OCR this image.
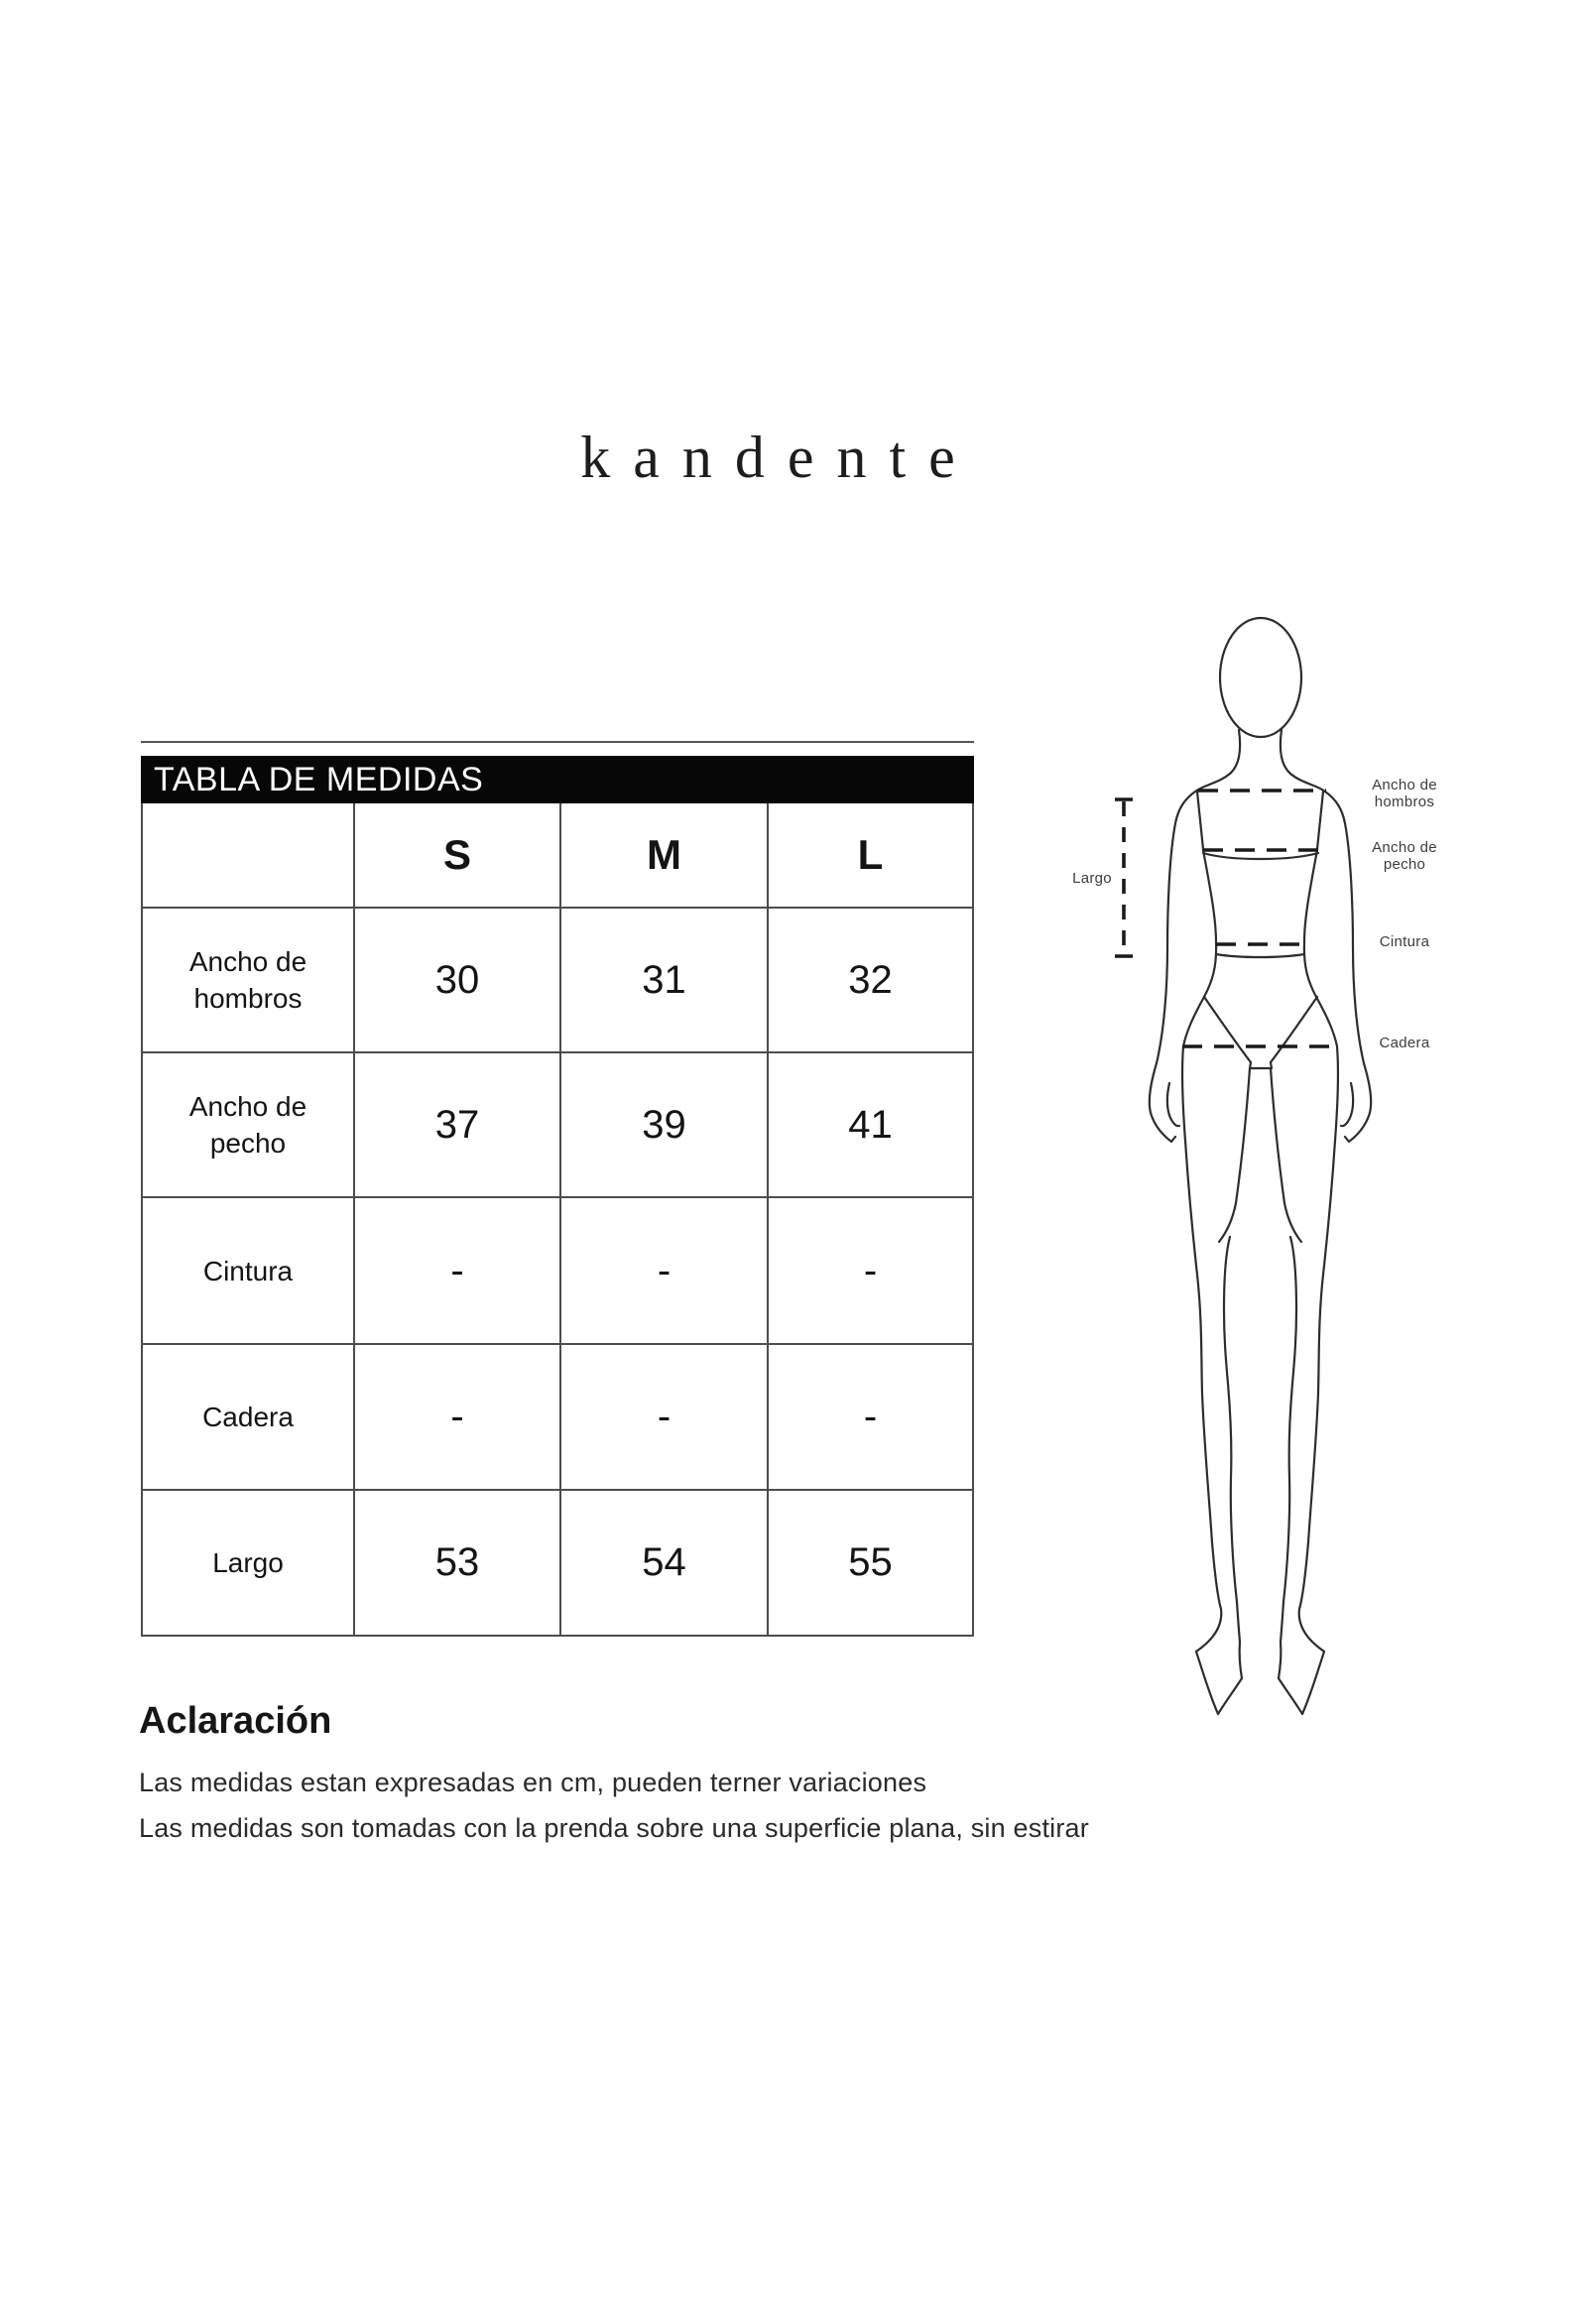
kandente
TABLA DE MEDIDAS
S	M	L
Ancho de hombros	30	31	32
Ancho de pecho	37	39	41
Cintura	-	-	-
Cadera	-	-	-
Largo	53	54	55
Aclaración
Las medidas estan expresadas en cm, pueden terner variaciones
Las medidas son tomadas con la prenda sobre una superficie plana, sin estirar
Ancho de hombros
Ancho de pecho
Cintura
Cadera
Largo
